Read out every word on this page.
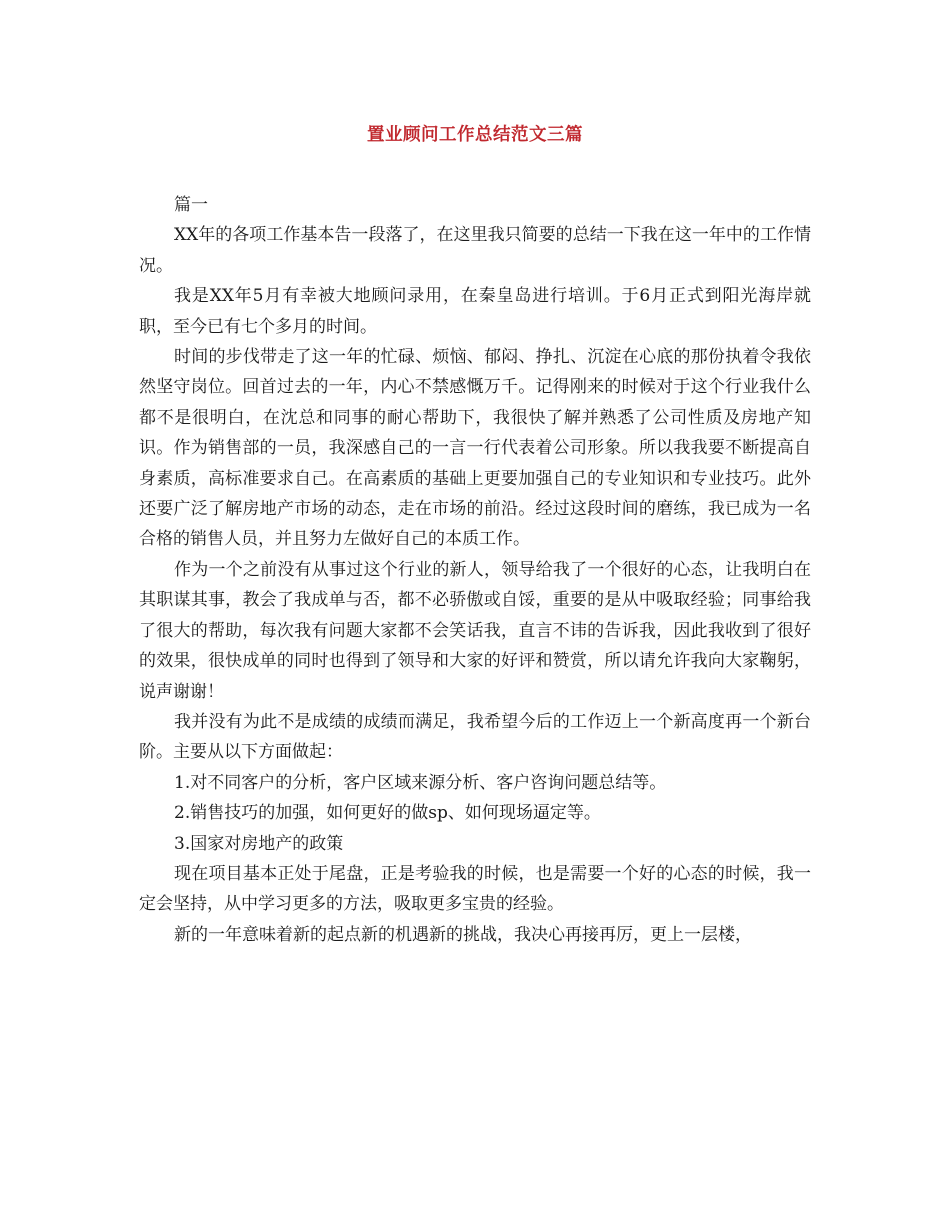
置业顾问工作总结范文三篇

篇一

XX年的各项工作基本告一段落了，在这里我只简要的总结一下我在这一年中的工作情况。

我是XX年5月有幸被大地顾问录用，在秦皇岛进行培训。于6月正式到阳光海岸就职，至今已有七个多月的时间。

时间的步伐带走了这一年的忙碌、烦恼、郁闷、挣扎、沉淀在心底的那份执着令我依然坚守岗位。回首过去的一年，内心不禁感慨万千。记得刚来的时候对于这个行业我什么都不是很明白，在沈总和同事的耐心帮助下，我很快了解并熟悉了公司性质及房地产知识。作为销售部的一员，我深感自己的一言一行代表着公司形象。所以我我要不断提高自身素质，高标准要求自己。在高素质的基础上更要加强自己的专业知识和专业技巧。此外还要广泛了解房地产市场的动态，走在市场的前沿。经过这段时间的磨练，我已成为一名合格的销售人员，并且努力左做好自己的本质工作。

作为一个之前没有从事过这个行业的新人，领导给我了一个很好的心态，让我明白在其职谋其事，教会了我成单与否，都不必骄傲或自馁，重要的是从中吸取经验；同事给我了很大的帮助，每次我有问题大家都不会笑话我，直言不讳的告诉我，因此我收到了很好的效果，很快成单的同时也得到了领导和大家的好评和赞赏，所以请允许我向大家鞠躬，说声谢谢！

我并没有为此不是成绩的成绩而满足，我希望今后的工作迈上一个新高度再一个新台阶。主要从以下方面做起：

1.对不同客户的分析，客户区域来源分析、客户咨询问题总结等。

2.销售技巧的加强，如何更好的做sp、如何现场逼定等。

3.国家对房地产的政策

现在项目基本正处于尾盘，正是考验我的时候，也是需要一个好的心态的时候，我一定会坚持，从中学习更多的方法，吸取更多宝贵的经验。

新的一年意味着新的起点新的机遇新的挑战，我决心再接再厉，更上一层楼，
